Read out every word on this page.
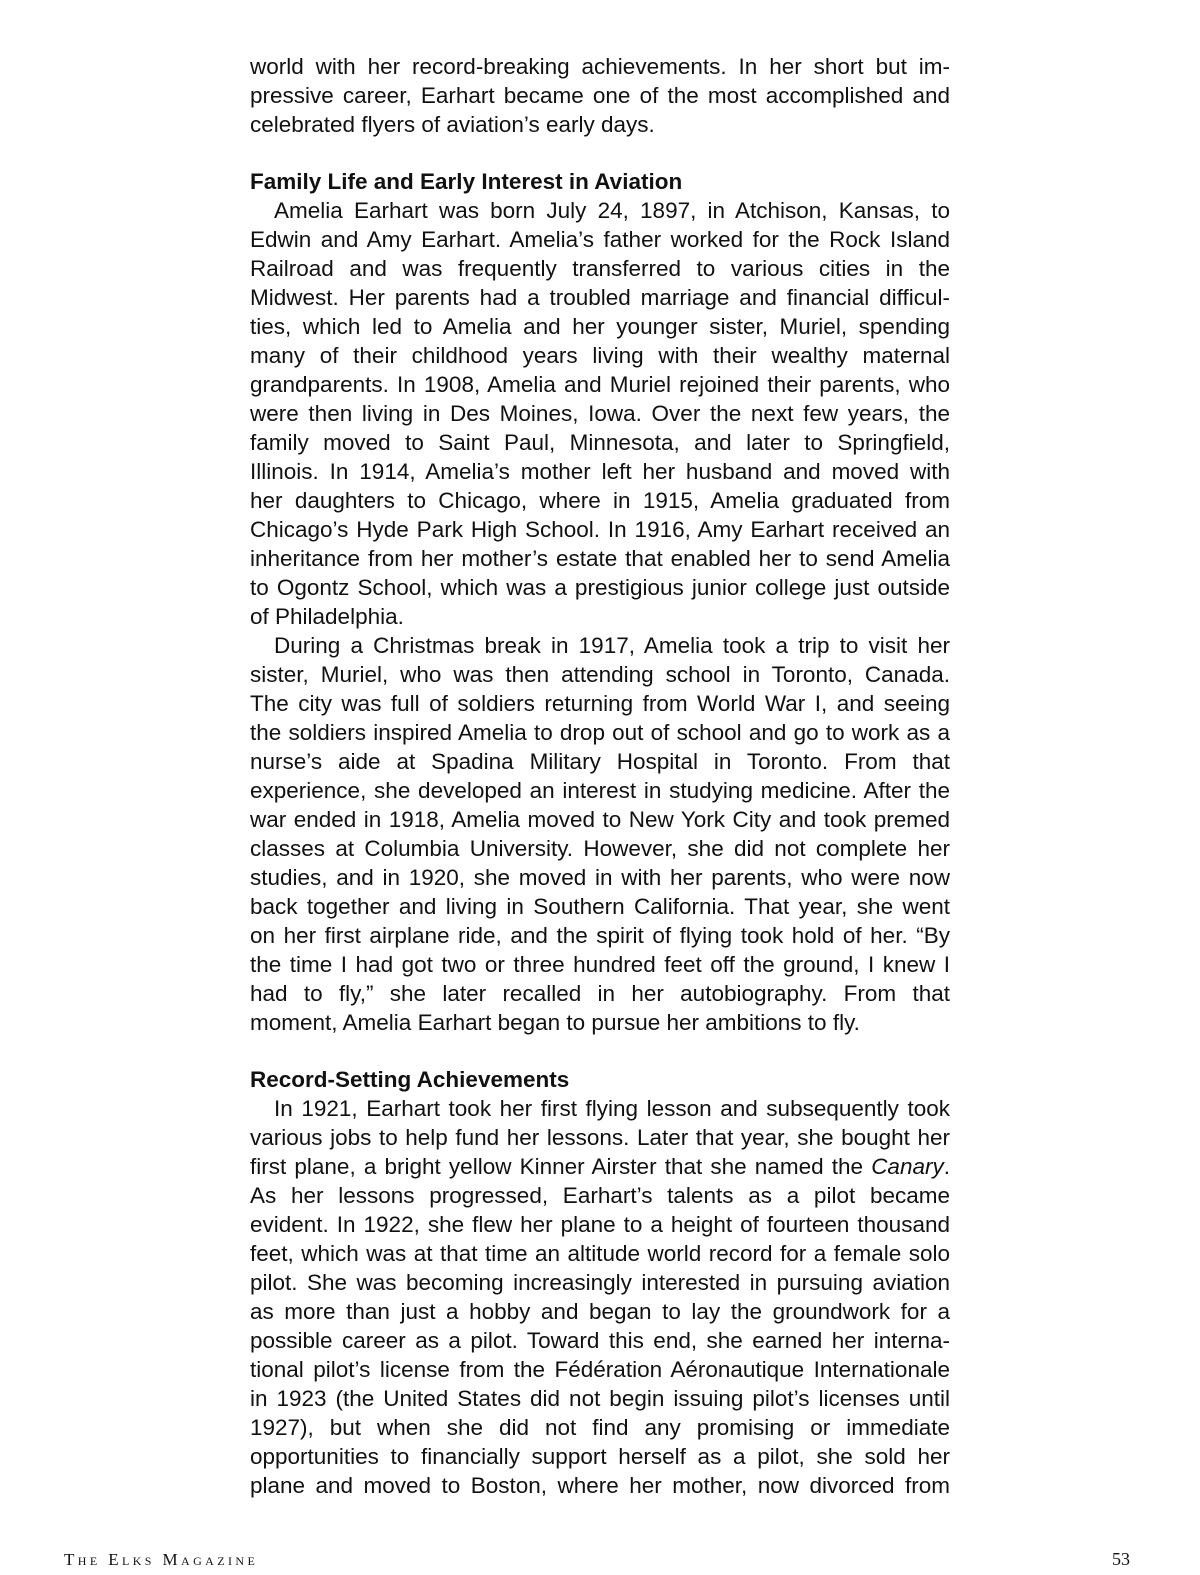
world with her record-breaking achievements. In her short but im-

pressive career, Earhart became one of the most accomplished and

celebrated flyers of aviation’s early days.

Family Life and Early Interest in Aviation

Amelia Earhart was born July 24, 1897, in Atchison, Kansas, to

Edwin and Amy Earhart. Amelia’s father worked for the Rock Island

Railroad and was frequently transferred to various cities in the

Midwest. Her parents had a troubled marriage and financial difficul-

ties, which led to Amelia and her younger sister, Muriel, spending

many of their childhood years living with their wealthy maternal

grandparents. In 1908, Amelia and Muriel rejoined their parents, who

were then living in Des Moines, Iowa. Over the next few years, the

family moved to Saint Paul, Minnesota, and later to Springfield,

Illinois. In 1914, Amelia’s mother left her husband and moved with

her daughters to Chicago, where in 1915, Amelia graduated from

Chicago’s Hyde Park High School. In 1916, Amy Earhart received an

inheritance from her mother’s estate that enabled her to send Amelia

to Ogontz School, which was a prestigious junior college just outside

of Philadelphia.

During a Christmas break in 1917, Amelia took a trip to visit her

sister, Muriel, who was then attending school in Toronto, Canada.

The city was full of soldiers returning from World War I, and seeing

the soldiers inspired Amelia to drop out of school and go to work as a

nurse’s aide at Spadina Military Hospital in Toronto. From that

experience, she developed an interest in studying medicine. After the

war ended in 1918, Amelia moved to New York City and took premed

classes at Columbia University. However, she did not complete her

studies, and in 1920, she moved in with her parents, who were now

back together and living in Southern California. That year, she went

on her first airplane ride, and the spirit of flying took hold of her. “By

the time I had got two or three hundred feet off the ground, I knew I

had to fly,” she later recalled in her autobiography. From that

moment, Amelia Earhart began to pursue her ambitions to fly.

Record-Setting Achievements

In 1921, Earhart took her first flying lesson and subsequently took

various jobs to help fund her lessons. Later that year, she bought her

first plane, a bright yellow Kinner Airster that she named the Canary.

As her lessons progressed, Earhart’s talents as a pilot became

evident. In 1922, she flew her plane to a height of fourteen thousand

feet, which was at that time an altitude world record for a female solo

pilot. She was becoming increasingly interested in pursuing aviation

as more than just a hobby and began to lay the groundwork for a

possible career as a pilot. Toward this end, she earned her interna-

tional pilot’s license from the Fédération Aéronautique Internationale

in 1923 (the United States did not begin issuing pilot’s licenses until

1927), but when she did not find any promising or immediate

opportunities to financially support herself as a pilot, she sold her

plane and moved to Boston, where her mother, now divorced from

The Elks Magazine	53
